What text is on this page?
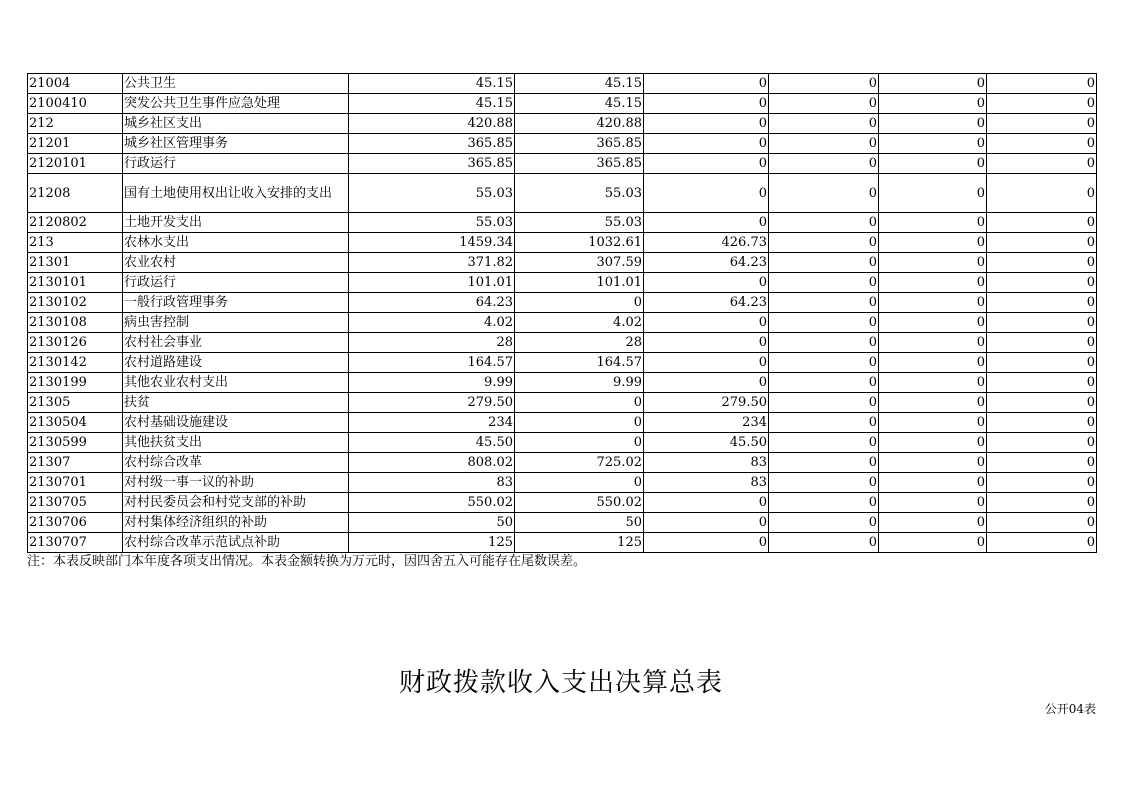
21004	公共卫生	45.15	45.15	0	0	0	0
2100410	突发公共卫生事件应急处理	45.15	45.15	0	0	0	0
212	城乡社区支出	420.88	420.88	0	0	0	0
21201	城乡社区管理事务	365.85	365.85	0	0	0	0
2120101	行政运行	365.85	365.85	0	0	0	0
21208	国有土地使用权出让收入安排的支出	55.03	55.03	0	0	0	0
2120802	土地开发支出	55.03	55.03	0	0	0	0
213	农林水支出	1459.34	1032.61	426.73	0	0	0
21301	农业农村	371.82	307.59	64.23	0	0	0
2130101	行政运行	101.01	101.01	0	0	0	0
2130102	一般行政管理事务	64.23	0	64.23	0	0	0
2130108	病虫害控制	4.02	4.02	0	0	0	0
2130126	农村社会事业	28	28	0	0	0	0
2130142	农村道路建设	164.57	164.57	0	0	0	0
2130199	其他农业农村支出	9.99	9.99	0	0	0	0
21305	扶贫	279.50	0	279.50	0	0	0
2130504	农村基础设施建设	234	0	234	0	0	0
2130599	其他扶贫支出	45.50	0	45.50	0	0	0
21307	农村综合改革	808.02	725.02	83	0	0	0
2130701	对村级一事一议的补助	83	0	83	0	0	0
2130705	对村民委员会和村党支部的补助	550.02	550.02	0	0	0	0
2130706	对村集体经济组织的补助	50	50	0	0	0	0
2130707	农村综合改革示范试点补助	125	125	0	0	0	0
注：本表反映部门本年度各项支出情况。本表金额转换为万元时，因四舍五入可能存在尾数误差。
财政拨款收入支出决算总表
公开04表
